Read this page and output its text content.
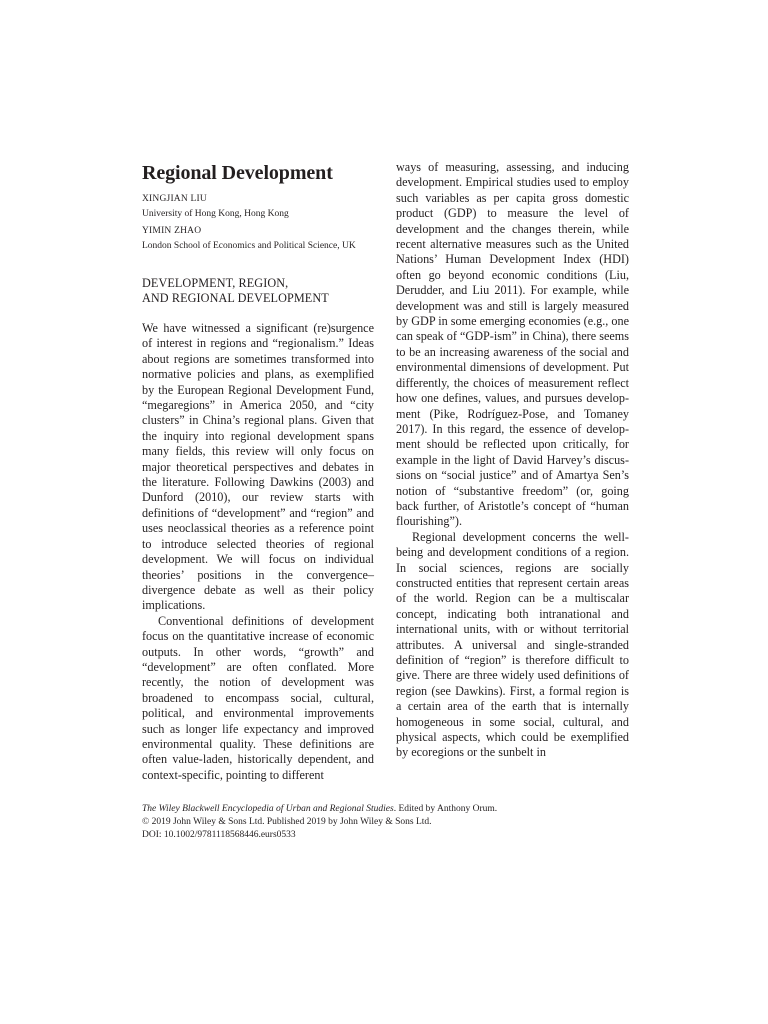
Regional Development

XINGJIAN LIU

University of Hong Kong, Hong Kong

YIMIN ZHAO

London School of Economics and Political Science, UK

DEVELOPMENT, REGION,
AND REGIONAL DEVELOPMENT

We have witnessed a significant (re)surgence of interest in regions and “regionalism.” Ideas about regions are sometimes transformed into normative policies and plans, as exemplified by the European Regional Development Fund, “megaregions” in America 2050, and “city clusters” in China’s regional plans. Given that the inquiry into regional development spans many fields, this review will only focus on major theoretical perspectives and debates in the literature. Following Dawkins (2003) and Dunford (2010), our review starts with definitions of “development” and “region” and uses neoclassical theories as a reference point to introduce selected theories of regional development. We will focus on individual theories’ positions in the convergence–divergence debate as well as their policy implications.

Conventional definitions of development focus on the quantitative increase of economic outputs. In other words, “growth” and “development” are often conflated. More recently, the notion of development was broadened to encompass social, cultural, political, and environmental improvements such as longer life expectancy and improved environmental quality. These definitions are often value-laden, historically dependent, and context-specific, pointing to different

ways of measuring, assessing, and inducing development. Empirical studies used to employ such variables as per capita gross domestic product (GDP) to measure the level of development and the changes therein, while recent alternative measures such as the United Nations’ Human Development Index (HDI) often go beyond economic conditions (Liu, Derudder, and Liu 2011). For example, while development was and still is largely measured by GDP in some emerging economies (e.g., one can speak of “GDP-ism” in China), there seems to be an increasing awareness of the social and environmental dimensions of development. Put differently, the choices of measurement reflect how one defines, values, and pursues development (Pike, Rodríguez-Pose, and Tomaney 2017). In this regard, the essence of development should be reflected upon critically, for example in the light of David Harvey’s discussions on “social justice” and of Amartya Sen’s notion of “substantive freedom” (or, going back further, of Aristotle’s concept of “human flourishing”).

Regional development concerns the well-being and development conditions of a region. In social sciences, regions are socially constructed entities that represent certain areas of the world. Region can be a multiscalar concept, indicating both intranational and international units, with or without territorial attributes. A universal and single-stranded definition of “region” is therefore difficult to give. There are three widely used definitions of region (see Dawkins). First, a formal region is a certain area of the earth that is internally homogeneous in some social, cultural, and physical aspects, which could be exemplified by ecoregions or the sunbelt in

The Wiley Blackwell Encyclopedia of Urban and Regional Studies. Edited by Anthony Orum.

© 2019 John Wiley & Sons Ltd. Published 2019 by John Wiley & Sons Ltd.

DOI: 10.1002/9781118568446.eurs0533
